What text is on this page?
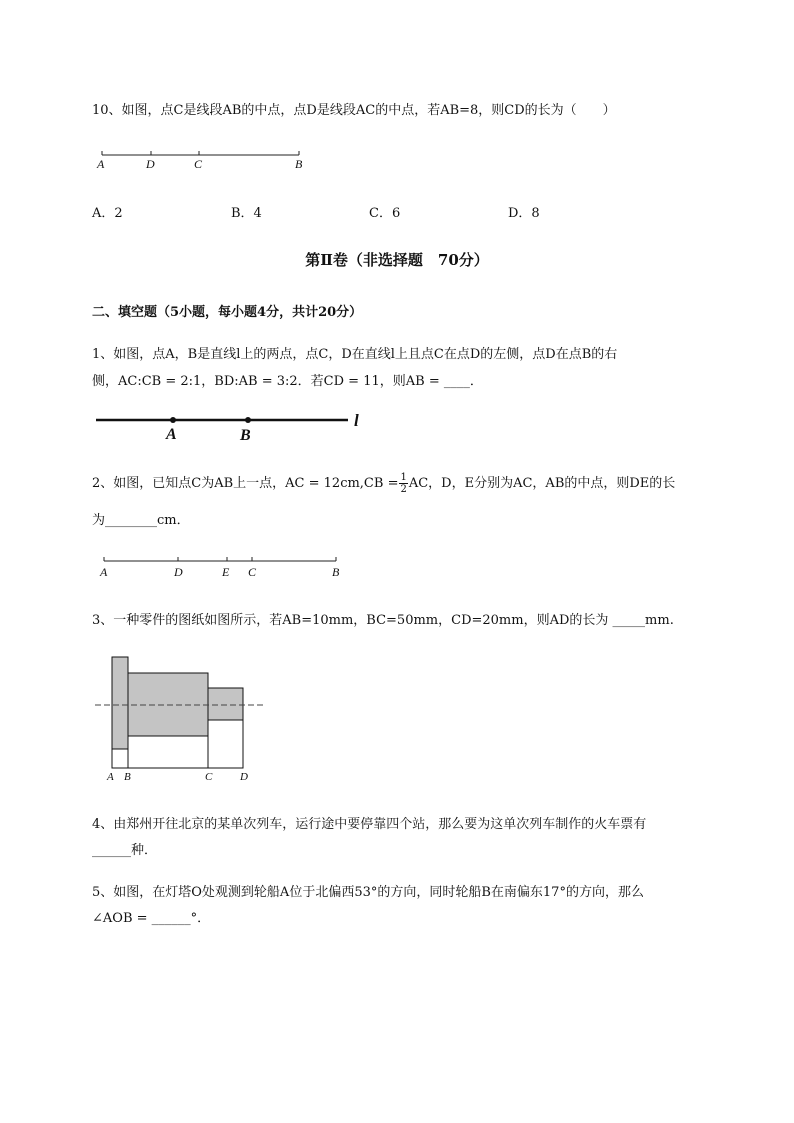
10、如图，点C是线段AB的中点，点D是线段AC的中点，若AB=8，则CD的长为（　　）
A	D	C	B
A．2	B．4	C．6	D．8
第Ⅱ卷（非选择题　70分）
二、填空题（5小题，每小题4分，共计20分）
1、如图，点A，B是直线l上的两点，点C，D在直线l上且点C在点D的左侧，点D在点B的右
侧，AC:CB = 2:1，BD:AB = 3:2．若CD = 11，则AB = ____．
A	B
l
2、如图，已知点C为AB上一点，AC = $12cm,CB = \frac{1}{2}$ AC，D，E分别为AC，AB的中点，则DE的长
为________cm．
A	D	E C	B
3、一种零件的图纸如图所示，若AB=10mm，BC=50mm，CD=20mm，则AD的长为 _____mm.
A B	C	D
4、由郑州开往北京的某单次列车，运行途中要停靠四个站，那么要为这单次列车制作的火车票有
______种．
5、如图，在灯塔O处观测到轮船A位于北偏西53°的方向，同时轮船B在南偏东17°的方向，那么
∠AOB = ______°．
